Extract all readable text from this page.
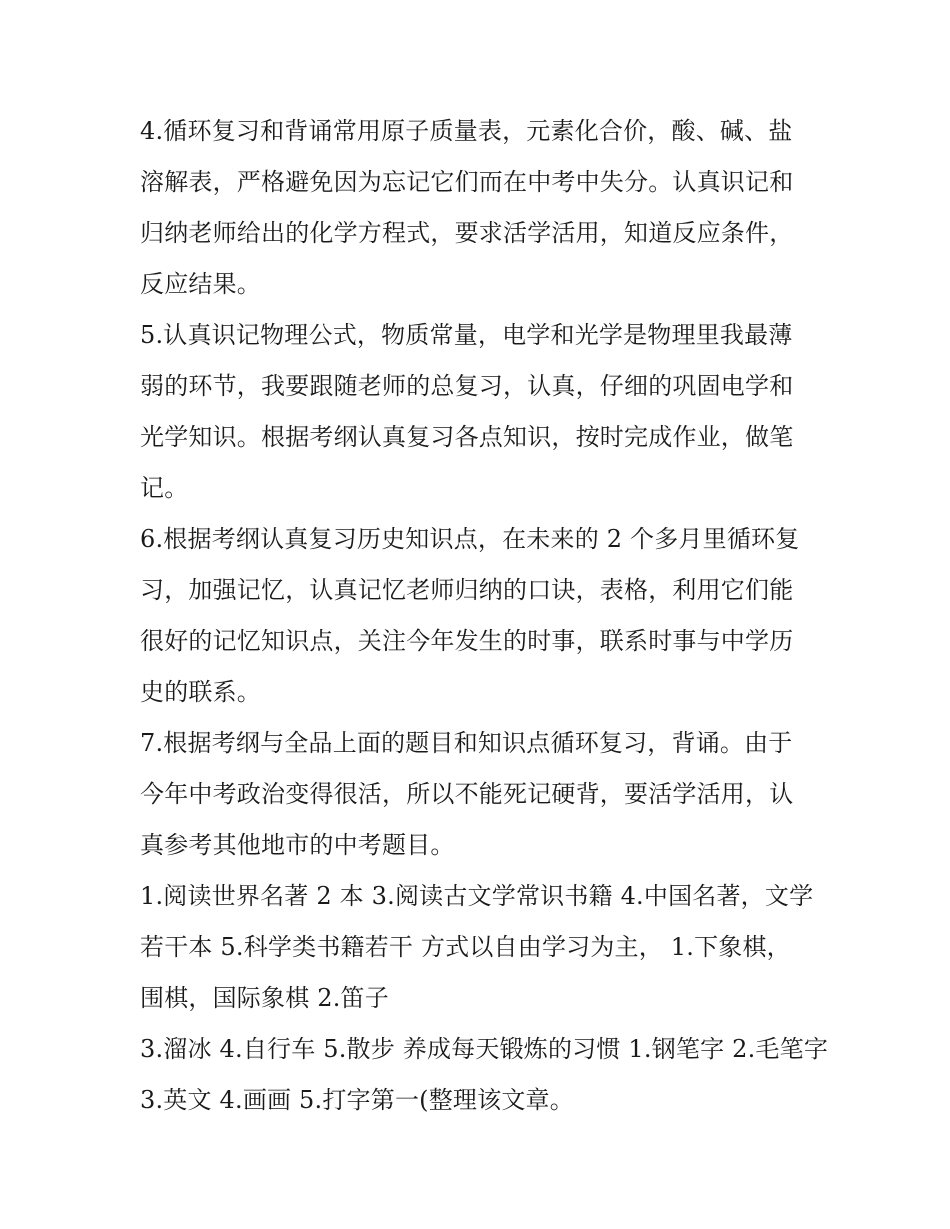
4.循环复习和背诵常用原子质量表，元素化合价，酸、碱、盐
溶解表，严格避免因为忘记它们而在中考中失分。认真识记和
归纳老师给出的化学方程式，要求活学活用，知道反应条件，
反应结果。
5.认真识记物理公式，物质常量，电学和光学是物理里我最薄
弱的环节，我要跟随老师的总复习，认真，仔细的巩固电学和
光学知识。根据考纲认真复习各点知识，按时完成作业，做笔
记。
6.根据考纲认真复习历史知识点，在未来的 2 个多月里循环复
习，加强记忆，认真记忆老师归纳的口诀，表格，利用它们能
很好的记忆知识点，关注今年发生的时事，联系时事与中学历
史的联系。
7.根据考纲与全品上面的题目和知识点循环复习，背诵。由于
今年中考政治变得很活，所以不能死记硬背，要活学活用，认
真参考其他地市的中考题目。
1.阅读世界名著 2 本 3.阅读古文学常识书籍 4.中国名著，文学
若干本 5.科学类书籍若干 方式以自由学习为主， 1.下象棋，
围棋，国际象棋 2.笛子
3.溜冰 4.自行车 5.散步 养成每天锻炼的习惯 1.钢笔字 2.毛笔字
3.英文 4.画画 5.打字第一(整理该文章。
